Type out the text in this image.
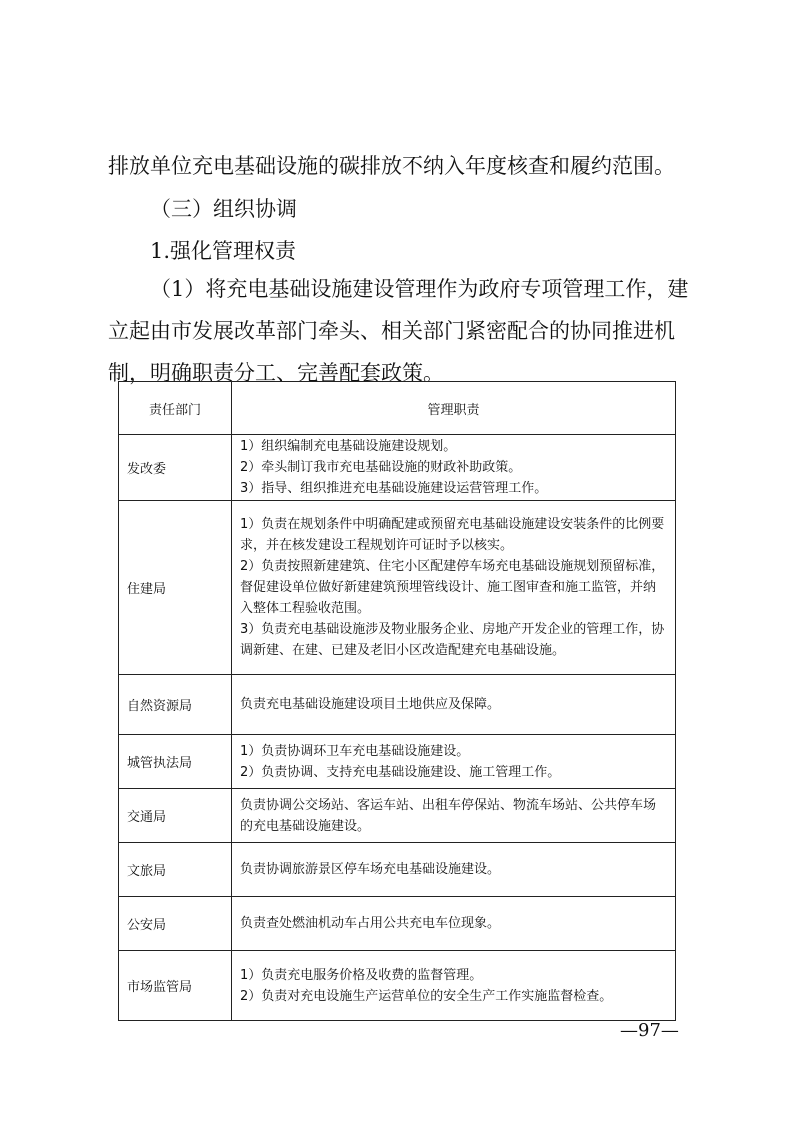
排放单位充电基础设施的碳排放不纳入年度核查和履约范围。
（三）组织协调
1.强化管理权责
（1）将充电基础设施建设管理作为政府专项管理工作，建
立起由市发展改革部门牵头、相关部门紧密配合的协同推进机
制，明确职责分工、完善配套政策。
责任部门	管理职责
发改委	1）组织编制充电基础设施建设规划。
2）牵头制订我市充电基础设施的财政补助政策。
3）指导、组织推进充电基础设施建设运营管理工作。

住建局	1）负责在规划条件中明确配建或预留充电基础设施建设安装条件的比例要求，并在核发建设工程规划许可证时予以核实。
2）负责按照新建建筑、住宅小区配建停车场充电基础设施规划预留标准，督促建设单位做好新建建筑预埋管线设计、施工图审查和施工监管，并纳入整体工程验收范围。
3）负责充电基础设施涉及物业服务企业、房地产开发企业的管理工作，协调新建、在建、已建及老旧小区改造配建充电基础设施。

自然资源局	负责充电基础设施建设项目土地供应及保障。

城管执法局	1）负责协调环卫车充电基础设施建设。
2）负责协调、支持充电基础设施建设、施工管理工作。

交通局	负责协调公交场站、客运车站、出租车停保站、物流车场站、公共停车场的充电基础设施建设。

文旅局	负责协调旅游景区停车场充电基础设施建设。

公安局	负责查处燃油机动车占用公共充电车位现象。

市场监管局	1）负责充电服务价格及收费的监督管理。
2）负责对充电设施生产运营单位的安全生产工作实施监督检查。
—97—
